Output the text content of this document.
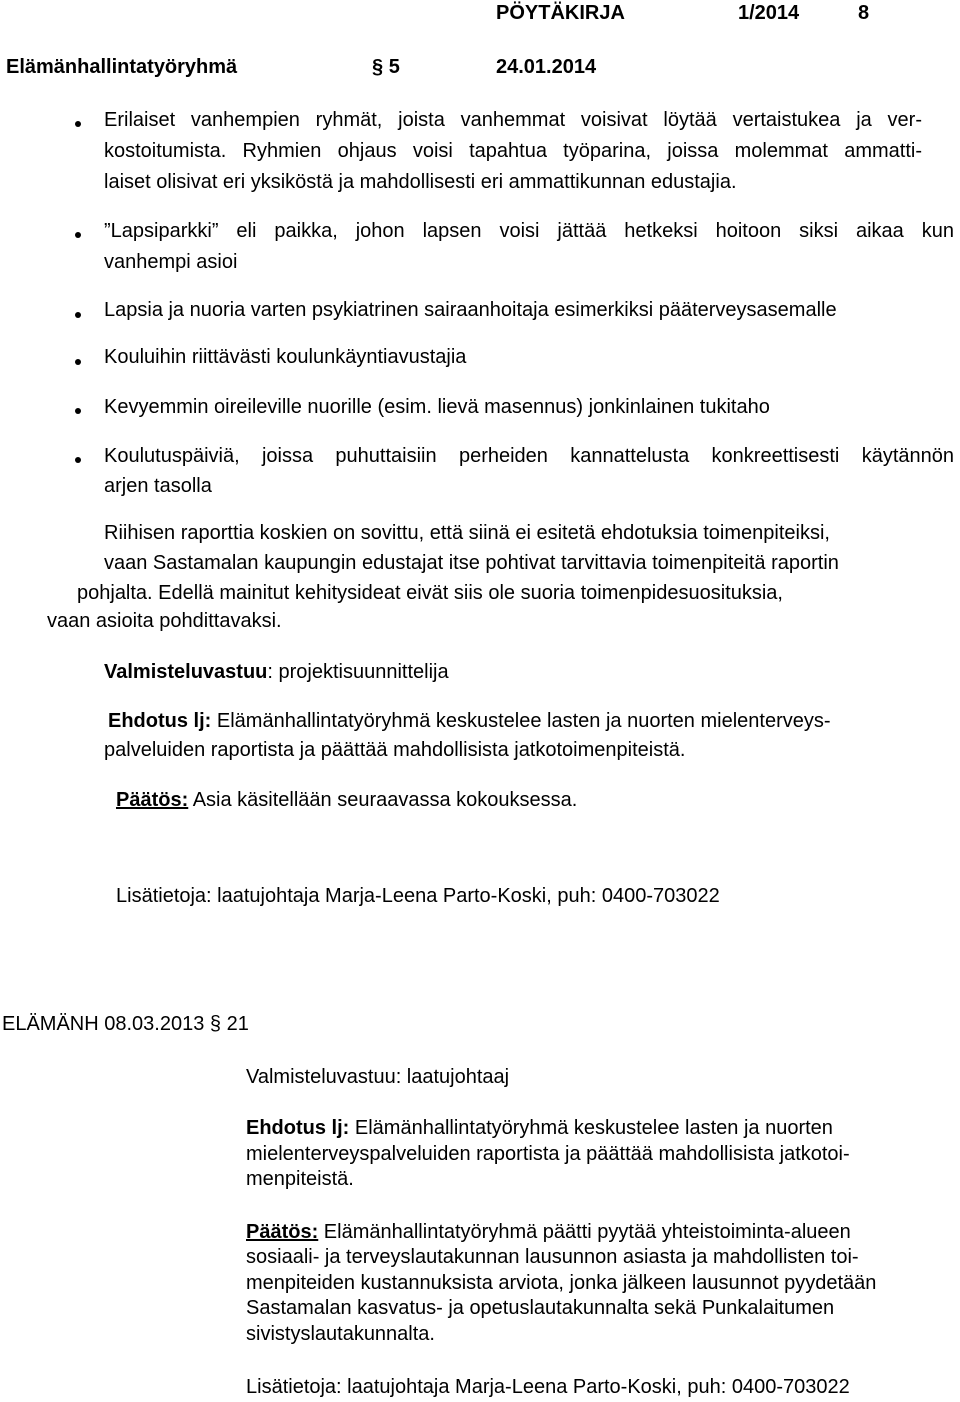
PÖYTÄKIRJA	1/2014	8
Elämänhallintatyöryhmä	§ 5	24.01.2014
Erilaiset vanhempien ryhmät, joista vanhemmat voisivat löytää vertaistukea ja ver-
kostoitumista. Ryhmien ohjaus voisi tapahtua työparina, joissa molemmat ammatti-
laiset olisivat eri yksiköstä ja mahdollisesti eri ammattikunnan edustajia.
”Lapsiparkki” eli paikka, johon lapsen voisi jättää hetkeksi hoitoon siksi aikaa kun
vanhempi asioi
Lapsia ja nuoria varten psykiatrinen sairaanhoitaja esimerkiksi pääterveysasemalle
Kouluihin riittävästi koulunkäyntiavustajia
Kevyemmin oireileville nuorille (esim. lievä masennus) jonkinlainen tukitaho
Koulutuspäiviä, joissa puhuttaisiin perheiden kannattelusta konkreettisesti käytännön
arjen tasolla
Riihisen raporttia koskien on sovittu, että siinä ei esitetä ehdotuksia toimenpiteiksi,
vaan Sastamalan kaupungin edustajat itse pohtivat tarvittavia toimenpiteitä raportin
pohjalta. Edellä mainitut kehitysideat eivät siis ole suoria toimenpidesuosituksia,
vaan asioita pohdittavaksi.
Valmisteluvastuu: projektisuunnittelija
Ehdotus lj: Elämänhallintatyöryhmä keskustelee lasten ja nuorten mielenterveys-
palveluiden raportista ja päättää mahdollisista jatkotoimenpiteistä.
Päätös: Asia käsitellään seuraavassa kokouksessa.
Lisätietoja: laatujohtaja Marja-Leena Parto-Koski, puh: 0400-703022
ELÄMÄNH 08.03.2013 § 21
Valmisteluvastuu: laatujohtaaj
Ehdotus lj: Elämänhallintatyöryhmä keskustelee lasten ja nuorten
mielenterveyspalveluiden raportista ja päättää mahdollisista jatkotoi-
menpiteistä.
Päätös: Elämänhallintatyöryhmä päätti pyytää yhteistoiminta-alueen
sosiaali- ja terveyslautakunnan lausunnon asiasta ja mahdollisten toi-
menpiteiden kustannuksista arviota, jonka jälkeen lausunnot pyydetään
Sastamalan kasvatus- ja opetuslautakunnalta sekä Punkalaitumen
sivistyslautakunnalta.
Lisätietoja: laatujohtaja Marja-Leena Parto-Koski, puh: 0400-703022
